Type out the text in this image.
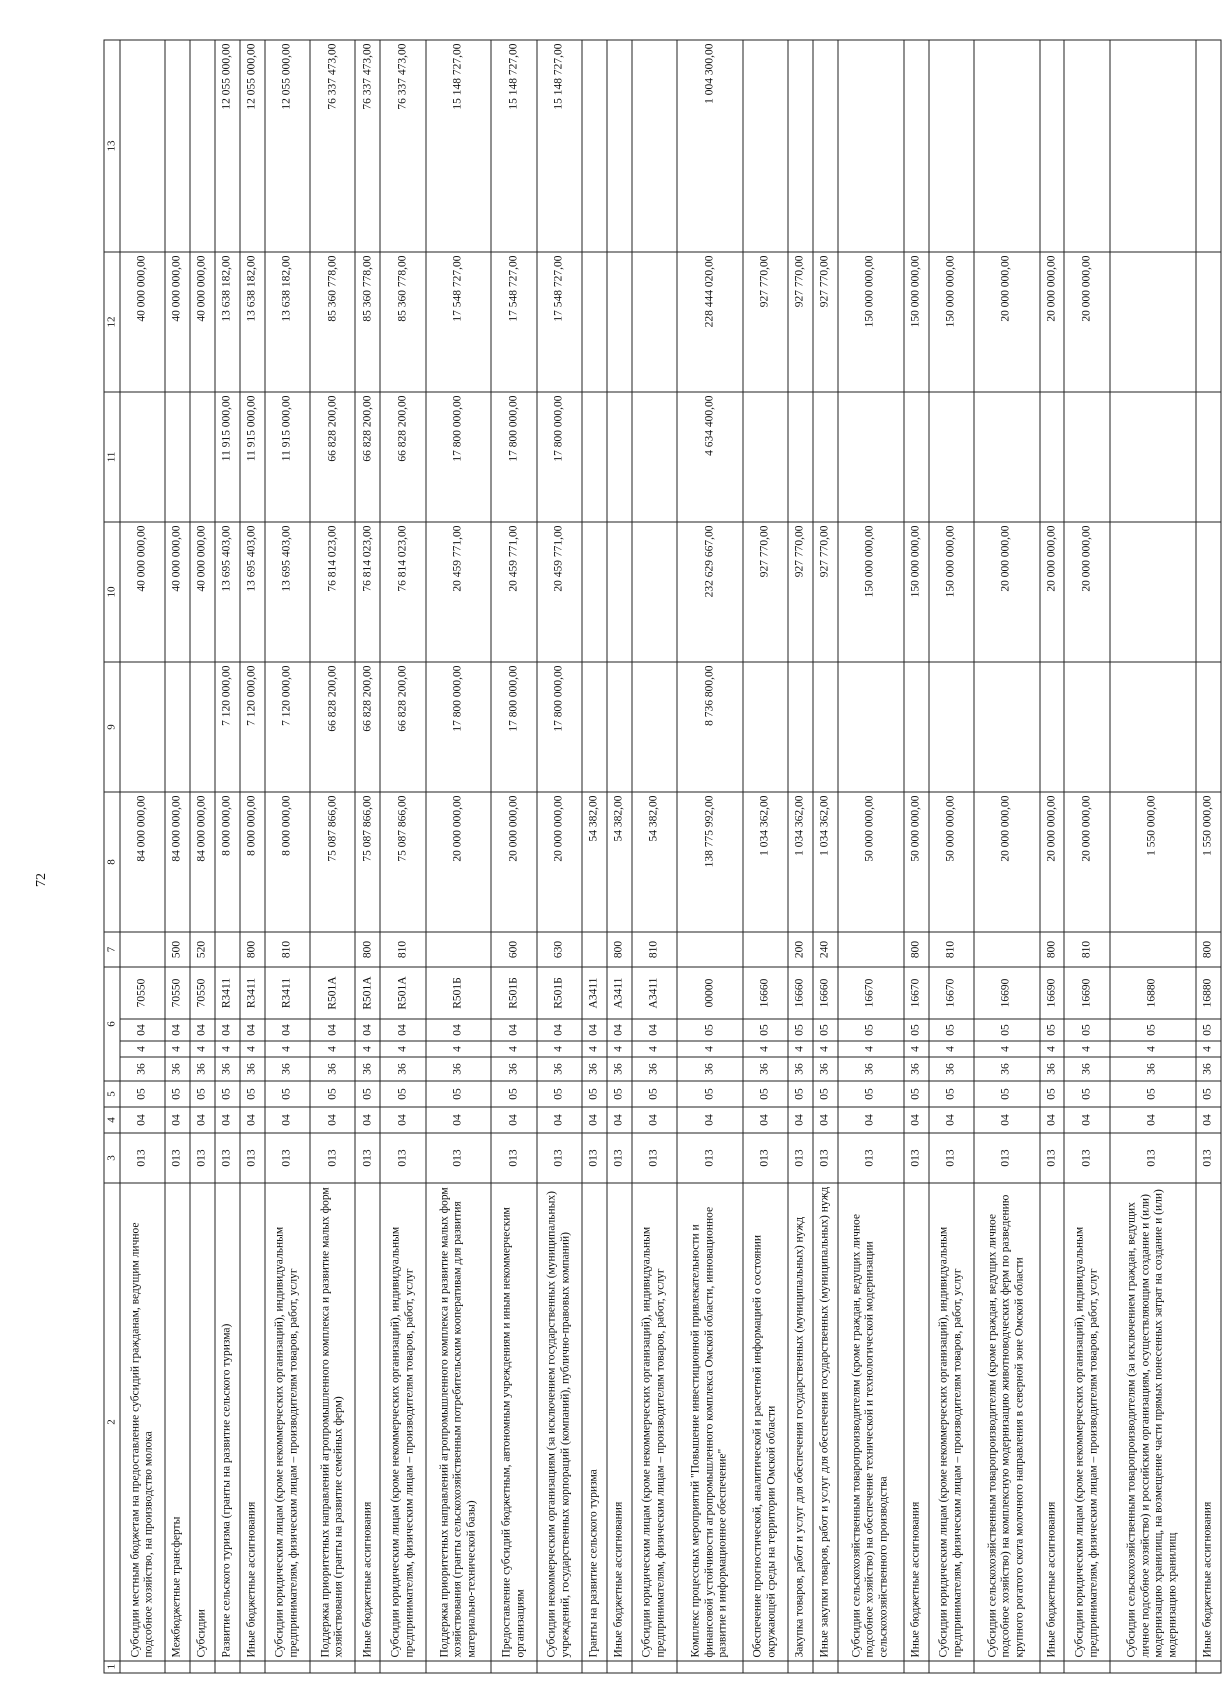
72
1	2	3	4	5	6				7	8	9	10	11	12	13
	Субсидии местным бюджетам на предоставление субсидий гражданам, ведущим личное подсобное хозяйство, на производство молока	013	04	05	36	4	04	70550		84 000 000,00		40 000 000,00		40 000 000,00	
	Межбюджетные трансферты	013	04	05	36	4	04	70550	500	84 000 000,00		40 000 000,00		40 000 000,00	
	Субсидии	013	04	05	36	4	04	70550	520	84 000 000,00		40 000 000,00		40 000 000,00	
	Развитие сельского туризма (гранты на развитие сельского туризма)	013	04	05	36	4	04	R3411		8 000 000,00	7 120 000,00	13 695 403,00	11 915 000,00	13 638 182,00	12 055 000,00
	Иные бюджетные ассигнования	013	04	05	36	4	04	R3411	800	8 000 000,00	7 120 000,00	13 695 403,00	11 915 000,00	13 638 182,00	12 055 000,00
	Субсидии юридическим лицам (кроме некоммерческих организаций), индивидуальным предпринимателям, физическим лицам – производителям товаров, работ, услуг	013	04	05	36	4	04	R3411	810	8 000 000,00	7 120 000,00	13 695 403,00	11 915 000,00	13 638 182,00	12 055 000,00
	Поддержка приоритетных направлений агропромышленного комплекса и развитие малых форм хозяйствования (гранты на развитие семейных ферм)	013	04	05	36	4	04	R501А		75 087 866,00	66 828 200,00	76 814 023,00	66 828 200,00	85 360 778,00	76 337 473,00
	Иные бюджетные ассигнования	013	04	05	36	4	04	R501А	800	75 087 866,00	66 828 200,00	76 814 023,00	66 828 200,00	85 360 778,00	76 337 473,00
	Субсидии юридическим лицам (кроме некоммерческих организаций), индивидуальным предпринимателям, физическим лицам – производителям товаров, работ, услуг	013	04	05	36	4	04	R501А	810	75 087 866,00	66 828 200,00	76 814 023,00	66 828 200,00	85 360 778,00	76 337 473,00
	Поддержка приоритетных направлений агропромышленного комплекса и развитие малых форм хозяйствования (гранты сельскохозяйственным потребительским кооперативам для развития материально-технической базы)	013	04	05	36	4	04	R501Б		20 000 000,00	17 800 000,00	20 459 771,00	17 800 000,00	17 548 727,00	15 148 727,00
	Предоставление субсидий бюджетным, автономным учреждениям и иным некоммерческим организациям	013	04	05	36	4	04	R501Б	600	20 000 000,00	17 800 000,00	20 459 771,00	17 800 000,00	17 548 727,00	15 148 727,00
	Субсидии некоммерческим организациям (за исключением государственных (муниципальных) учреждений, государственных корпораций (компаний), публично-правовых компаний)	013	04	05	36	4	04	R501Б	630	20 000 000,00	17 800 000,00	20 459 771,00	17 800 000,00	17 548 727,00	15 148 727,00
	Гранты на развитие сельского туризма	013	04	05	36	4	04	А3411		54 382,00					
	Иные бюджетные ассигнования	013	04	05	36	4	04	А3411	800	54 382,00					
	Субсидии юридическим лицам (кроме некоммерческих организаций), индивидуальным предпринимателям, физическим лицам – производителям товаров, работ, услуг	013	04	05	36	4	04	А3411	810	54 382,00					
	Комплекс процессных мероприятий "Повышение инвестиционной привлекательности и финансовой устойчивости агропромышленного комплекса Омской области, инновационное развитие и информационное обеспечение"	013	04	05	36	4	05	00000		138 775 992,00	8 736 800,00	232 629 667,00	4 634 400,00	228 444 020,00	1 004 300,00
	Обеспечение прогностической, аналитической и расчетной информацией о состоянии окружающей среды на территории Омской области	013	04	05	36	4	05	16660		1 034 362,00		927 770,00		927 770,00	
	Закупка товаров, работ и услуг для обеспечения государственных (муниципальных) нужд	013	04	05	36	4	05	16660	200	1 034 362,00		927 770,00		927 770,00	
	Иные закупки товаров, работ и услуг для обеспечения государственных (муниципальных) нужд	013	04	05	36	4	05	16660	240	1 034 362,00		927 770,00		927 770,00	
	Субсидии сельскохозяйственным товаропроизводителям (кроме граждан, ведущих личное подсобное хозяйство) на обеспечение технической и технологической модернизации сельскохозяйственного производства	013	04	05	36	4	05	16670		50 000 000,00		150 000 000,00		150 000 000,00	
	Иные бюджетные ассигнования	013	04	05	36	4	05	16670	800	50 000 000,00		150 000 000,00		150 000 000,00	
	Субсидии юридическим лицам (кроме некоммерческих организаций), индивидуальным предпринимателям, физическим лицам – производителям товаров, работ, услуг	013	04	05	36	4	05	16670	810	50 000 000,00		150 000 000,00		150 000 000,00	
	Субсидии сельскохозяйственным товаропроизводителям (кроме граждан, ведущих личное подсобное хозяйство) на комплексную модернизацию животноводческих ферм по разведению крупного рогатого скота молочного направления в северной зоне Омской области	013	04	05	36	4	05	16690		20 000 000,00		20 000 000,00		20 000 000,00	
	Иные бюджетные ассигнования	013	04	05	36	4	05	16690	800	20 000 000,00		20 000 000,00		20 000 000,00	
	Субсидии юридическим лицам (кроме некоммерческих организаций), индивидуальным предпринимателям, физическим лицам – производителям товаров, работ, услуг	013	04	05	36	4	05	16690	810	20 000 000,00		20 000 000,00		20 000 000,00	
	Субсидии сельскохозяйственным товаропроизводителям (за исключением граждан, ведущих личное подсобное хозяйство) и российским организациям, осуществляющим создание и (или) модернизацию хранилищ, на возмещение части прямых понесенных затрат на создание и (или) модернизацию хранилищ	013	04	05	36	4	05	16880		1 550 000,00					
	Иные бюджетные ассигнования	013	04	05	36	4	05	16880	800	1 550 000,00					
